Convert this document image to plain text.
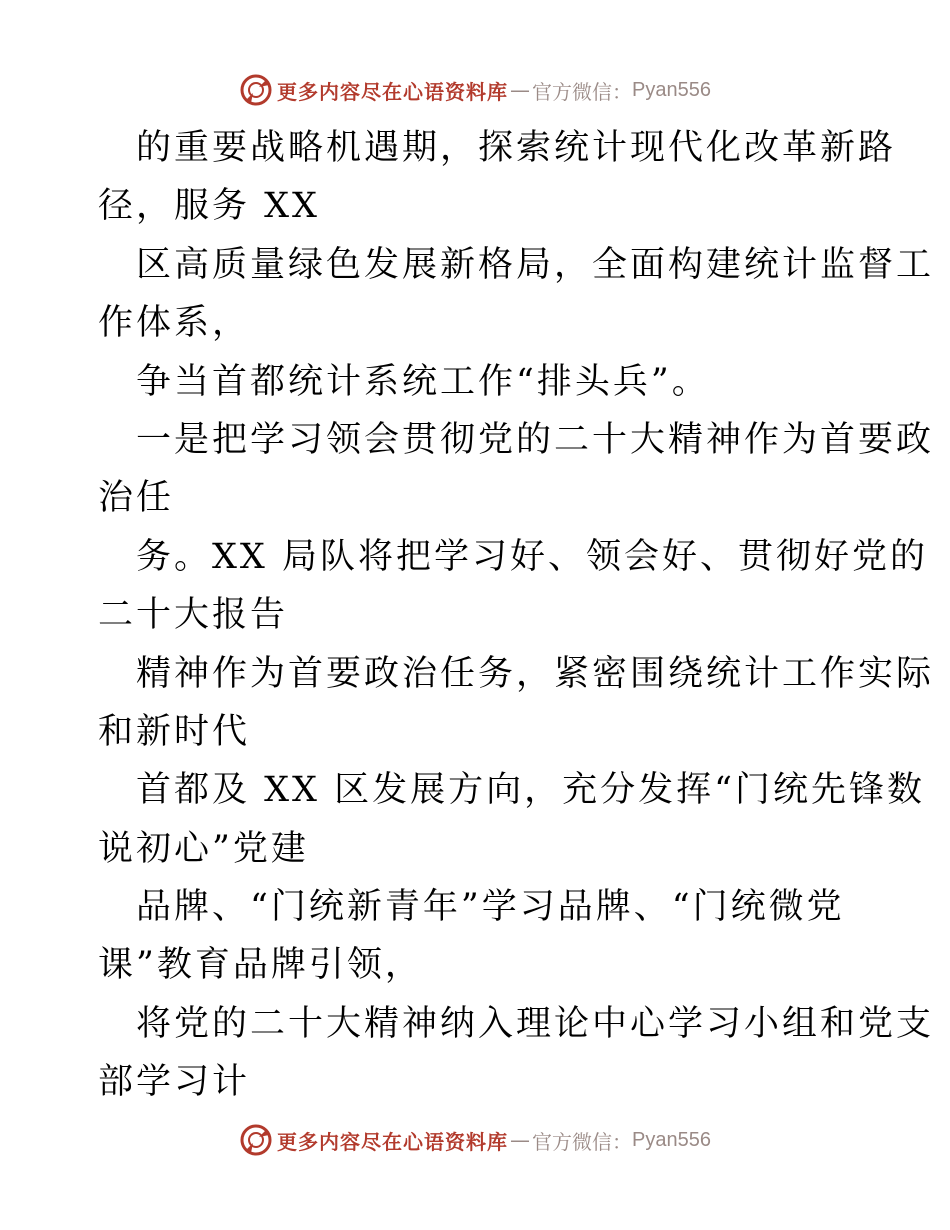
更多内容尽在心语资料库 — 官方微信： Pyan556
的重要战略机遇期，探索统计现代化改革新路
径，服务 XX
区高质量绿色发展新格局，全面构建统计监督工
作体系，
争当首都统计系统工作“排头兵”。
一是把学习领会贯彻党的二十大精神作为首要政
治任
务。XX 局队将把学习好、领会好、贯彻好党的
二十大报告
精神作为首要政治任务，紧密围绕统计工作实际
和新时代
首都及 XX 区发展方向，充分发挥“门统先锋数
说初心”党建
品牌、“门统新青年”学习品牌、“门统微党
课”教育品牌引领，
将党的二十大精神纳入理论中心学习小组和党支
部学习计
更多内容尽在心语资料库 — 官方微信： Pyan556
